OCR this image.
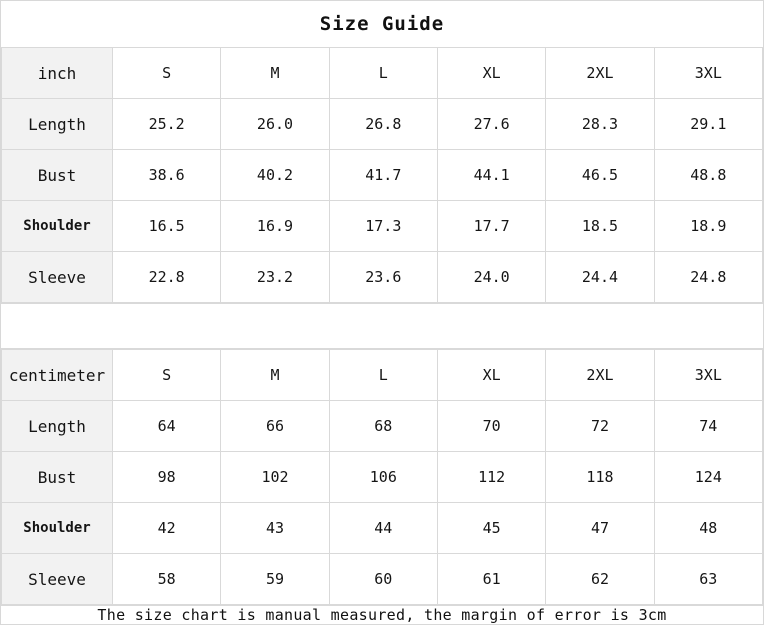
Size Guide
inch	S	M	L	XL	2XL	3XL
Length	25.2	26.0	26.8	27.6	28.3	29.1
Bust	38.6	40.2	41.7	44.1	46.5	48.8
Shoulder	16.5	16.9	17.3	17.7	18.5	18.9
Sleeve	22.8	23.2	23.6	24.0	24.4	24.8
centimeter	S	M	L	XL	2XL	3XL
Length	64	66	68	70	72	74
Bust	98	102	106	112	118	124
Shoulder	42	43	44	45	47	48
Sleeve	58	59	60	61	62	63
The size chart is manual measured, the margin of error is 3cm
